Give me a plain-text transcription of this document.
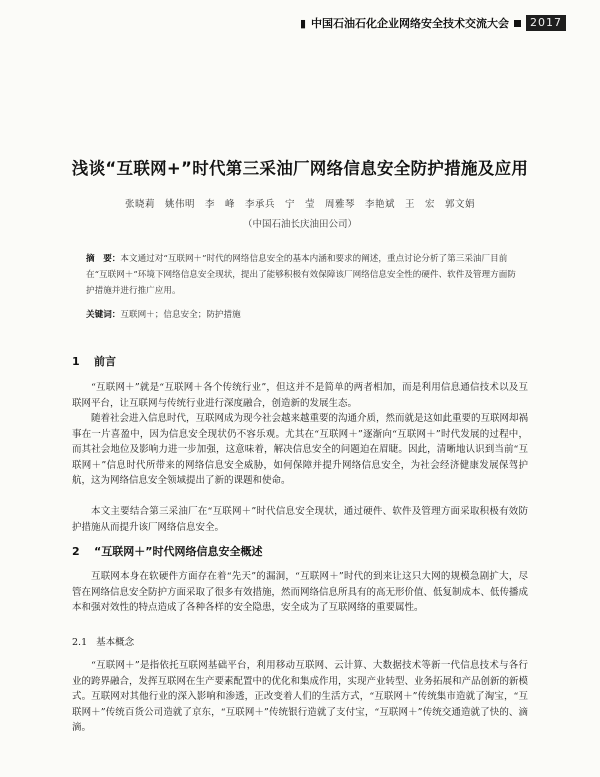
▮ 中国石油石化企业网络安全技术交流大会	2017
浅谈“互联网+”时代第三采油厂网络信息安全防护措施及应用
张晓莉　姚伟明　李　峰　李承兵　宁　莹　周雅琴　李艳斌　王　宏　郭文娟
（中国石油长庆油田公司）
摘　要：本文通过对“互联网＋”时代的网络信息安全的基本内涵和要求的阐述，重点讨论分析了第三采油厂目前在“互联网＋”环境下网络信息安全现状，提出了能够积极有效保障该厂网络信息安全性的硬件、软件及管理方面防护措施并进行推广应用。
关键词：互联网＋；信息安全；防护措施
1 前言

“互联网＋”就是“互联网＋各个传统行业”，但这并不是简单的两者相加，而是利用信息通信技术以及互联网平台，让互联网与传统行业进行深度融合，创造新的发展生态。

随着社会进入信息时代，互联网成为现今社会越来越重要的沟通介质，然而就是这如此重要的互联网却祸事在一片喜盈中，因为信息安全现状仍不容乐观。尤其在“互联网＋”逐渐向“互联网＋”时代发展的过程中，而其社会地位及影响力进一步加强，这意味着，解决信息安全的问题迫在眉睫。因此，清晰地认识到当前“互联网＋”信息时代所带来的网络信息安全威胁，如何保障并提升网络信息安全，为社会经济健康发展保驾护航，这为网络信息安全领域提出了新的课题和使命。

本文主要结合第三采油厂在“互联网＋”时代信息安全现状，通过硬件、软件及管理方面采取积极有效防护措施从而提升该厂网络信息安全。

2 “互联网＋”时代网络信息安全概述

互联网本身在软硬件方面存在着“先天”的漏洞，“互联网＋”时代的到来让这只大网的规模急剧扩大，尽管在网络信息安全防护方面采取了很多有效措施，然而网络信息所具有的高无形价值、低复制成本、低传播成本和强对效性的特点造成了各种各样的安全隐患，安全成为了互联网络的重要属性。

2.1 基本概念

“互联网＋”是指依托互联网基础平台，利用移动互联网、云计算、大数据技术等新一代信息技术与各行业的跨界融合，发挥互联网在生产要素配置中的优化和集成作用，实现产业转型、业务拓展和产品创新的新模式。互联网对其他行业的深入影响和渗透，正改变着人们的生活方式，“互联网＋”传统集市造就了淘宝，“互联网＋”传统百货公司造就了京东，“互联网＋”传统银行造就了支付宝，“互联网＋”传统交通造就了快的、滴滴。
